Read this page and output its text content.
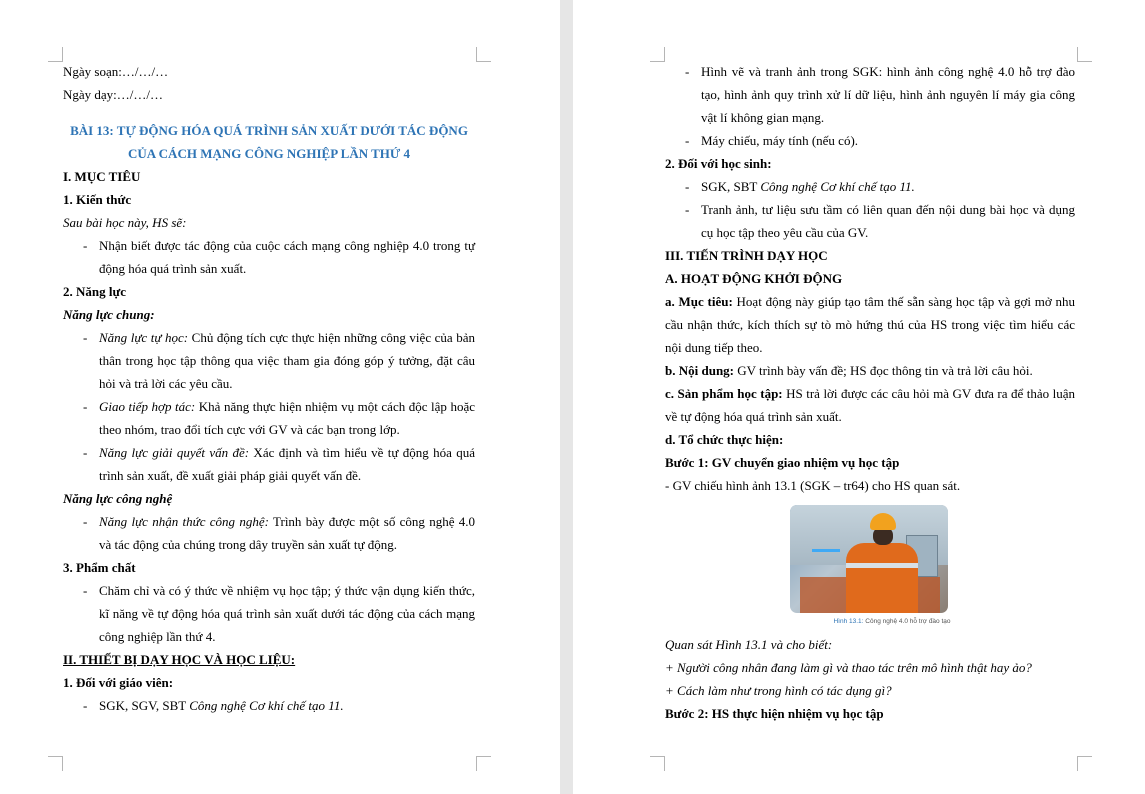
Ngày soạn:…/…/…

Ngày dạy:…/…/…

BÀI 13: TỰ ĐỘNG HÓA QUÁ TRÌNH SẢN XUẤT DƯỚI TÁC ĐỘNG
CỦA CÁCH MẠNG CÔNG NGHIỆP LẦN THỨ 4

I. MỤC TIÊU

1. Kiến thức

Sau bài học này, HS sẽ:

- Nhận biết được tác động của cuộc cách mạng công nghiệp 4.0 trong tự động hóa quá trình sản xuất.

2. Năng lực

Năng lực chung:

- Năng lực tự học: Chủ động tích cực thực hiện những công việc của bản thân trong học tập thông qua việc tham gia đóng góp ý tưởng, đặt câu hỏi và trả lời các yêu cầu.

- Giao tiếp hợp tác: Khả năng thực hiện nhiệm vụ một cách độc lập hoặc theo nhóm, trao đổi tích cực với GV và các bạn trong lớp.

- Năng lực giải quyết vấn đề: Xác định và tìm hiểu về tự động hóa quá trình sản xuất, đề xuất giải pháp giải quyết vấn đề.

Năng lực công nghệ

- Năng lực nhận thức công nghệ: Trình bày được một số công nghệ 4.0 và tác động của chúng trong dây truyền sản xuất tự động.

3. Phẩm chất

- Chăm chỉ và có ý thức về nhiệm vụ học tập; ý thức vận dụng kiến thức, kĩ năng về tự động hóa quá trình sản xuất dưới tác động của cách mạng công nghiệp lần thứ 4.

II. THIẾT BỊ DẠY HỌC VÀ HỌC LIỆU:

1. Đối với giáo viên:

- SGK, SGV, SBT Công nghệ Cơ khí chế tạo 11.

- Hình vẽ và tranh ảnh trong SGK: hình ảnh công nghệ 4.0 hỗ trợ đào tạo, hình ảnh quy trình xử lí dữ liệu, hình ảnh nguyên lí máy gia công vật lí không gian mạng.

- Máy chiếu, máy tính (nếu có).

2. Đối với học sinh:

- SGK, SBT Công nghệ Cơ khí chế tạo 11.

- Tranh ảnh, tư liệu sưu tầm có liên quan đến nội dung bài học và dụng cụ học tập theo yêu cầu của GV.

III. TIẾN TRÌNH DẠY HỌC

A. HOẠT ĐỘNG KHỞI ĐỘNG

a. Mục tiêu: Hoạt động này giúp tạo tâm thế sẵn sàng học tập và gợi mở nhu cầu nhận thức, kích thích sự tò mò hứng thú của HS trong việc tìm hiểu các nội dung tiếp theo.

b. Nội dung: GV trình bày vấn đề; HS đọc thông tin và trả lời câu hỏi.

c. Sản phẩm học tập: HS trả lời được các câu hỏi mà GV đưa ra để thảo luận về tự động hóa quá trình sản xuất.

d. Tổ chức thực hiện:

Bước 1: GV chuyển giao nhiệm vụ học tập

- GV chiếu hình ảnh 13.1 (SGK – tr64) cho HS quan sát.

Hình 13.1: Công nghệ 4.0 hỗ trợ đào tạo

Quan sát Hình 13.1 và cho biết:

+ Người công nhân đang làm gì và thao tác trên mô hình thật hay ảo?

+ Cách làm như trong hình có tác dụng gì?

Bước 2: HS thực hiện nhiệm vụ học tập
